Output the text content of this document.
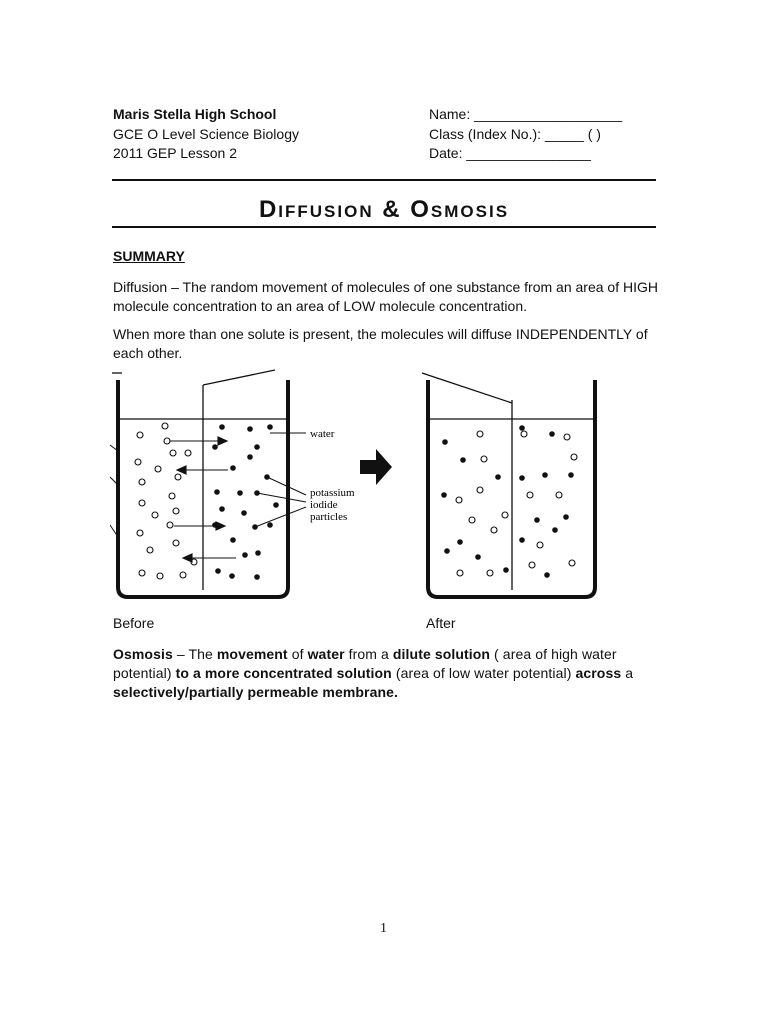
Maris Stella High School
GCE O Level Science Biology
2011 GEP Lesson 2
Name: ___________________
Class (Index No.): _____ ( )
Date: ________________
Diffusion & Osmosis
SUMMARY
Diffusion – The random movement of molecules of one substance from an area of HIGH molecule concentration to an area of LOW molecule concentration.
When more than one solute is present, the molecules will diffuse INDEPENDENTLY of each other.
water
potassium
iodide
particles
Before	After
Osmosis – The movement of water from a dilute solution ( area of high water potential) to a more concentrated solution (area of low water potential) across a selectively/partially permeable membrane.
1
